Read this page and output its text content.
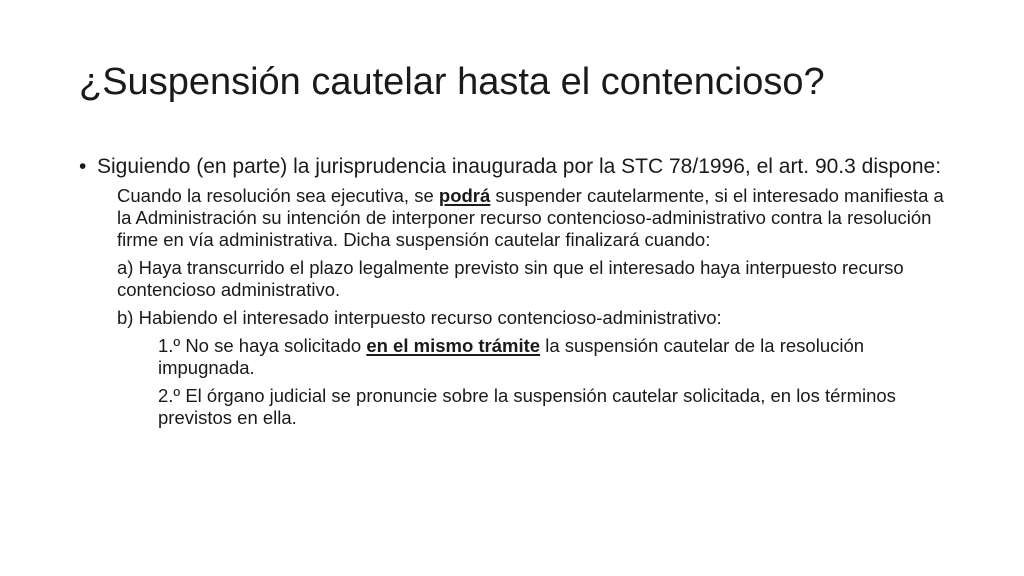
¿Suspensión cautelar hasta el contencioso?
• Siguiendo (en parte) la jurisprudencia inaugurada por la STC 78/1996, el art. 90.3 dispone:
Cuando la resolución sea ejecutiva, se podrá suspender cautelarmente, si el interesado manifiesta a la Administración su intención de interponer recurso contencioso-administrativo contra la resolución firme en vía administrativa. Dicha suspensión cautelar finalizará cuando:
a) Haya transcurrido el plazo legalmente previsto sin que el interesado haya interpuesto recurso contencioso administrativo.
b) Habiendo el interesado interpuesto recurso contencioso-administrativo:
1.º No se haya solicitado en el mismo trámite la suspensión cautelar de la resolución impugnada.
2.º El órgano judicial se pronuncie sobre la suspensión cautelar solicitada, en los términos previstos en ella.
